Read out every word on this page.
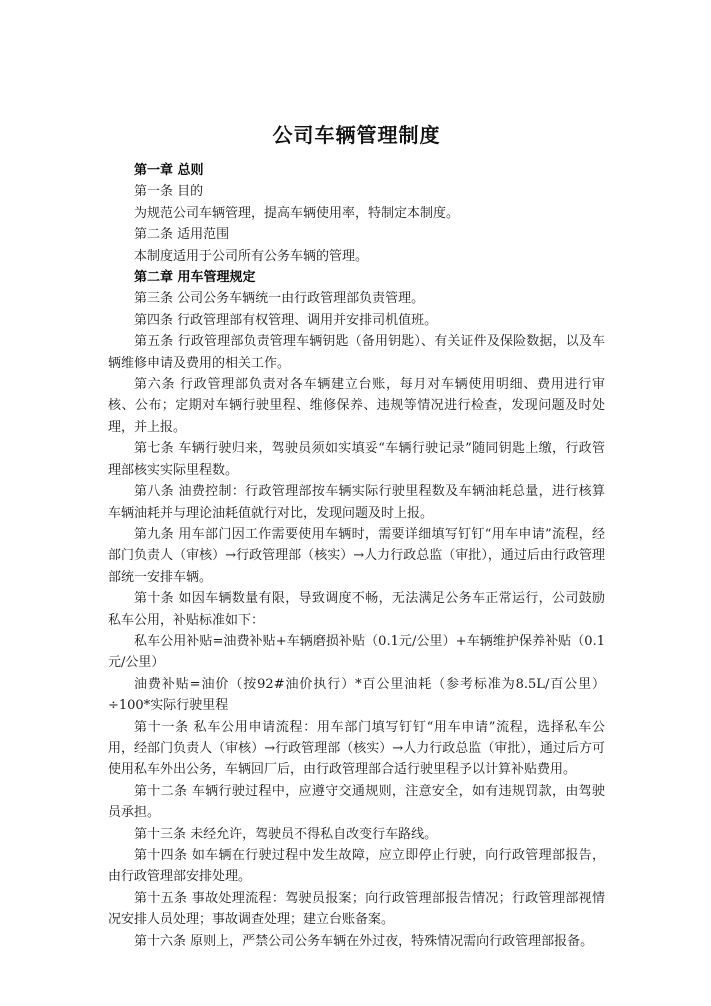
公司车辆管理制度

第一章 总则

第一条 目的

为规范公司车辆管理，提高车辆使用率，特制定本制度。

第二条 适用范围

本制度适用于公司所有公务车辆的管理。

第二章 用车管理规定

第三条 公司公务车辆统一由行政管理部负责管理。

第四条 行政管理部有权管理、调用并安排司机值班。

第五条 行政管理部负责管理车辆钥匙（备用钥匙）、有关证件及保险数据，以及车辆维修申请及费用的相关工作。

第六条 行政管理部负责对各车辆建立台账，每月对车辆使用明细、费用进行审核、公布；定期对车辆行驶里程、维修保养、违规等情况进行检查，发现问题及时处理，并上报。

第七条 车辆行驶归来，驾驶员须如实填妥“车辆行驶记录”随同钥匙上缴，行政管理部核实实际里程数。

第八条 油费控制：行政管理部按车辆实际行驶里程数及车辆油耗总量，进行核算车辆油耗并与理论油耗值就行对比，发现问题及时上报。

第九条 用车部门因工作需要使用车辆时，需要详细填写钉钉“用车申请”流程，经部门负责人（审核）→行政管理部（核实）→人力行政总监（审批），通过后由行政管理部统一安排车辆。

第十条 如因车辆数量有限，导致调度不畅，无法满足公务车正常运行，公司鼓励私车公用，补贴标准如下：

私车公用补贴=油费补贴+车辆磨损补贴（0.1元/公里）+车辆维护保养补贴（0.1元/公里）

油费补贴=油价（按92#油价执行）*百公里油耗（参考标准为8.5L/百公里）÷100*实际行驶里程

第十一条 私车公用申请流程：用车部门填写钉钉“用车申请”流程，选择私车公用，经部门负责人（审核）→行政管理部（核实）→人力行政总监（审批），通过后方可使用私车外出公务，车辆回厂后，由行政管理部合适行驶里程予以计算补贴费用。

第十二条 车辆行驶过程中，应遵守交通规则，注意安全，如有违规罚款，由驾驶员承担。

第十三条 未经允许，驾驶员不得私自改变行车路线。

第十四条 如车辆在行驶过程中发生故障，应立即停止行驶，向行政管理部报告，由行政管理部安排处理。

第十五条 事故处理流程：驾驶员报案；向行政管理部报告情况；行政管理部视情况安排人员处理；事故调查处理；建立台账备案。

第十六条 原则上，严禁公司公务车辆在外过夜，特殊情况需向行政管理部报备。
